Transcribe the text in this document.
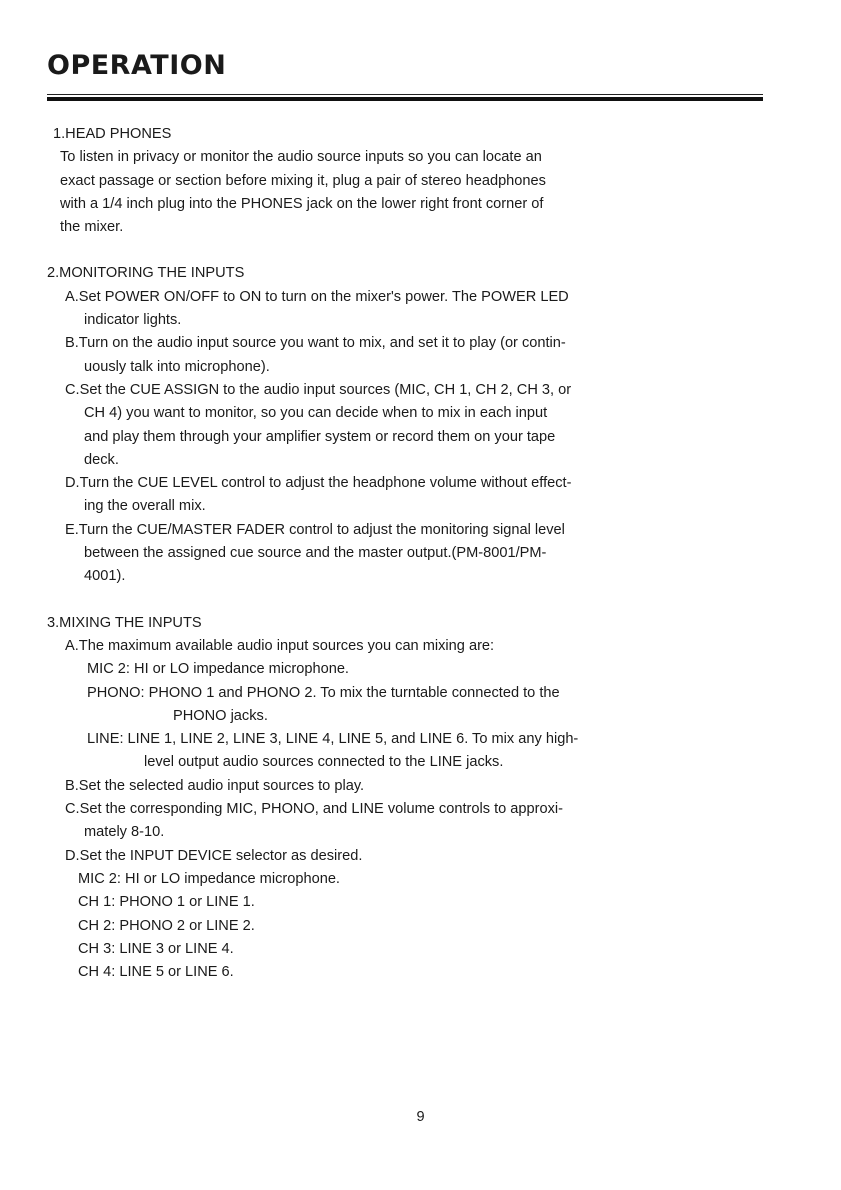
OPERATION

1.HEAD PHONES

To listen in privacy or monitor the audio source inputs so you can locate an

exact passage or section before mixing it, plug a pair of stereo headphones

with a 1/4 inch plug into the PHONES jack on the lower right front corner of

the mixer.

2.MONITORING THE INPUTS

A.Set POWER ON/OFF to ON to turn on the mixer's power. The POWER LED

indicator lights.

B.Turn on the audio input source you want to mix, and set it to play (or contin-

uously talk into microphone).

C.Set the CUE ASSIGN to the audio input sources (MIC, CH 1, CH 2, CH 3, or

CH 4) you want to monitor, so you can decide when to mix in each input

and play them through your amplifier system or record them on your tape

deck.

D.Turn the CUE LEVEL control to adjust the headphone volume without effect-

ing the overall mix.

E.Turn the CUE/MASTER FADER control to adjust the monitoring signal level

between the assigned cue source and the master output.(PM-8001/PM-

4001).

3.MIXING THE INPUTS

A.The maximum available audio input sources you can mixing are:

MIC 2: HI or LO impedance microphone.

PHONO: PHONO 1 and PHONO 2. To mix the turntable connected to the

PHONO jacks.

LINE: LINE 1, LINE 2, LINE 3, LINE 4, LINE 5, and LINE 6. To mix any high-

level output audio sources connected to the LINE jacks.

B.Set the selected audio input sources to play.

C.Set the corresponding MIC, PHONO, and LINE volume controls to approxi-

mately 8-10.

D.Set the INPUT DEVICE selector as desired.

MIC 2: HI or LO impedance microphone.

CH 1: PHONO 1 or LINE 1.

CH 2: PHONO 2 or LINE 2.

CH 3: LINE 3 or LINE 4.

CH 4: LINE 5 or LINE 6.

9
